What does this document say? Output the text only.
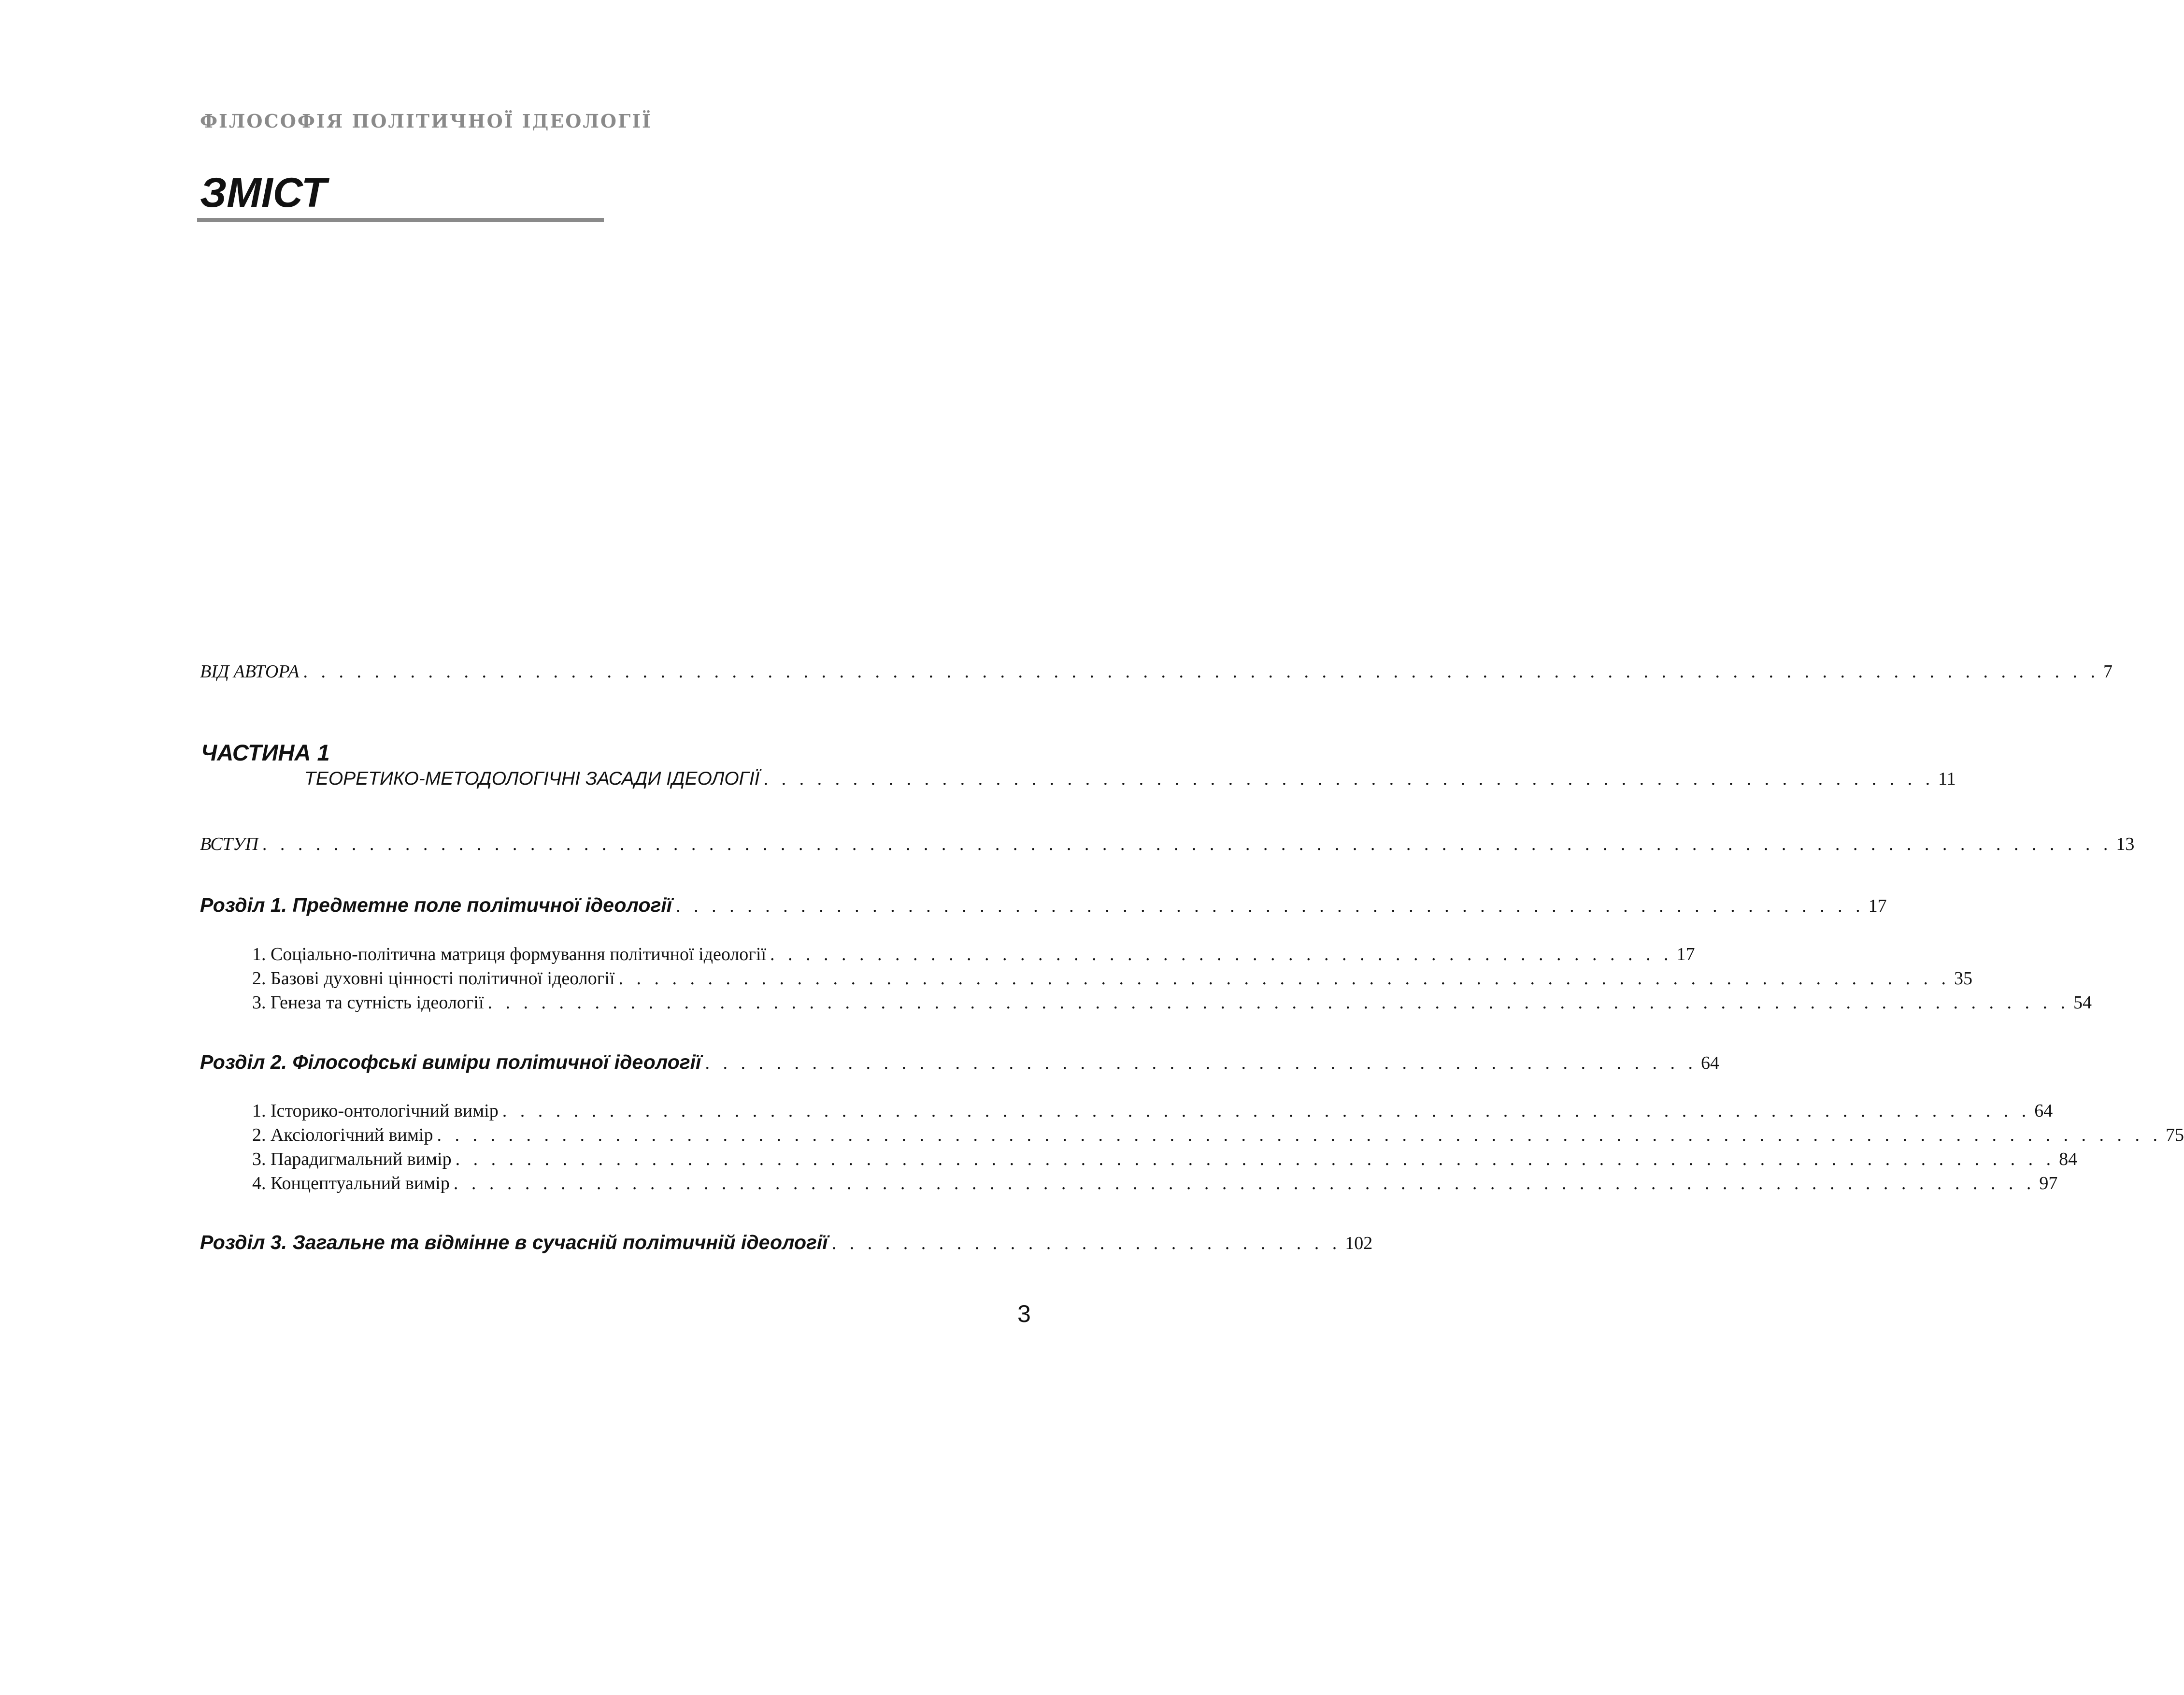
ФІЛОСОФІЯ ПОЛІТИЧНОЇ ІДЕОЛОГІЇ
ЗМІСТ
ВІД АВТОРА . . . . . . . . . . . . . . . . . . . . . . . . . . . . . . . . . . . . . . . . . . . . . . . . . . . . . . . . . . . . . . . . . . . . . . . . . . . . . . . . . . . . . . . . . . . . . . . . . . . . . 7
ЧАСТИНА 1
ТЕОРЕТИКО-МЕТОДОЛОГІЧНІ ЗАСАДИ ІДЕОЛОГІЇ . . . . . . . . . . . . . . . . . . . . . . . . . . . . . . . . . . . . . . . . . . . . . . . . . . . . . . . . . . . . . . . . . . 11
ВСТУП . . . . . . . . . . . . . . . . . . . . . . . . . . . . . . . . . . . . . . . . . . . . . . . . . . . . . . . . . . . . . . . . . . . . . . . . . . . . . . . . . . . . . . . . . . . . . . . . . . . . . . . . 13
Розділ 1. Предметне поле політичної ідеології . . . . . . . . . . . . . . . . . . . . . . . . . . . . . . . . . . . . . . . . . . . . . . . . . . . . . . . . . . . . . . . . . . . 17
1. Соціально-політична матриця формування політичної ідеології . . . . . . . . . . . . . . . . . . . . . . . . . . . . . . . . . . . . . . . . . . . . . . . . . . . 17
2. Базові духовні цінності політичної ідеології . . . . . . . . . . . . . . . . . . . . . . . . . . . . . . . . . . . . . . . . . . . . . . . . . . . . . . . . . . . . . . . . . . . . . . . . . . . 35
3. Генеза та сутність ідеології . . . . . . . . . . . . . . . . . . . . . . . . . . . . . . . . . . . . . . . . . . . . . . . . . . . . . . . . . . . . . . . . . . . . . . . . . . . . . . . . . . . . . . . . . 54
Розділ 2. Філософські виміри політичної ідеології . . . . . . . . . . . . . . . . . . . . . . . . . . . . . . . . . . . . . . . . . . . . . . . . . . . . . . . . 64
1. Історико-онтологічний вимір . . . . . . . . . . . . . . . . . . . . . . . . . . . . . . . . . . . . . . . . . . . . . . . . . . . . . . . . . . . . . . . . . . . . . . . . . . . . . . . . . . . . . . 64
2. Аксіологічний вимір . . . . . . . . . . . . . . . . . . . . . . . . . . . . . . . . . . . . . . . . . . . . . . . . . . . . . . . . . . . . . . . . . . . . . . . . . . . . . . . . . . . . . . . . . . . . . . . . . 75
3. Парадигмальний вимір . . . . . . . . . . . . . . . . . . . . . . . . . . . . . . . . . . . . . . . . . . . . . . . . . . . . . . . . . . . . . . . . . . . . . . . . . . . . . . . . . . . . . . . . . . 84
4. Концептуальний вимір . . . . . . . . . . . . . . . . . . . . . . . . . . . . . . . . . . . . . . . . . . . . . . . . . . . . . . . . . . . . . . . . . . . . . . . . . . . . . . . . . . . . . . . . . 97
Розділ 3. Загальне та відмінне в сучасній політичній ідеології . . . . . . . . . . . . . . . . . . . . . . . . . . . . . 102
3
